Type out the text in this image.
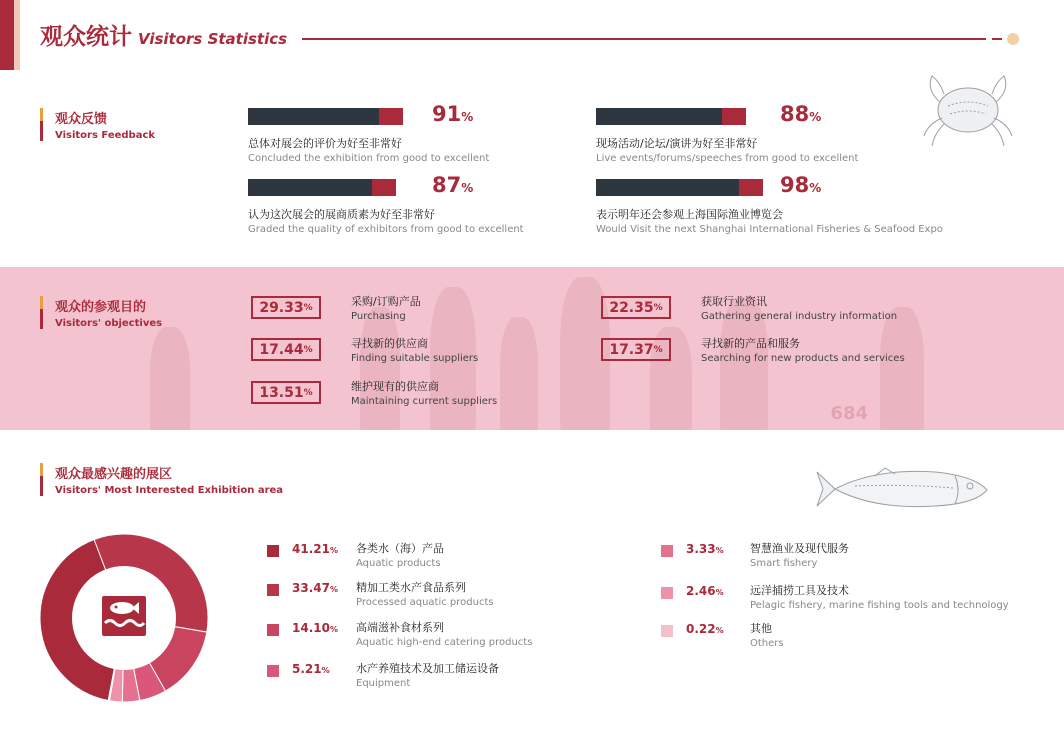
观众统计 Visitors Statistics
观众反馈
Visitors Feedback
91%
总体对展会的评价为好至非常好
Concluded the exhibition from good to excellent
88%
现场活动/论坛/演讲为好至非常好
Live events/forums/speeches from good to excellent
87%
认为这次展会的展商质素为好至非常好
Graded the quality of exhibitors from good to excellent
98%
表示明年还会参观上海国际渔业博览会
Would Visit the next Shanghai International Fisheries & Seafood Expo
684
观众的参观目的
Visitors' objectives
29.33 %	采购/订购产品
Purchasing
17.44 %	寻找新的供应商
Finding suitable suppliers
13.51 %	维护现有的供应商
Maintaining current suppliers
22.35 %	获取行业资讯
Gathering general industry information
17.37 %	寻找新的产品和服务
Searching for new products and services
观众最感兴趣的展区
Visitors' Most Interested Exhibition area
41.21%	各类水（海）产品
Aquatic products
33.47%	精加工类水产食品系列
Processed aquatic products
14.10%	高端滋补食材系列
Aquatic high-end catering products
5.21%	水产养殖技术及加工储运设备
Equipment
3.33%	智慧渔业及现代服务
Smart fishery
2.46%	远洋捕捞工具及技术
Pelagic fishery, marine fishing tools and technology
0.22%	其他
Others
